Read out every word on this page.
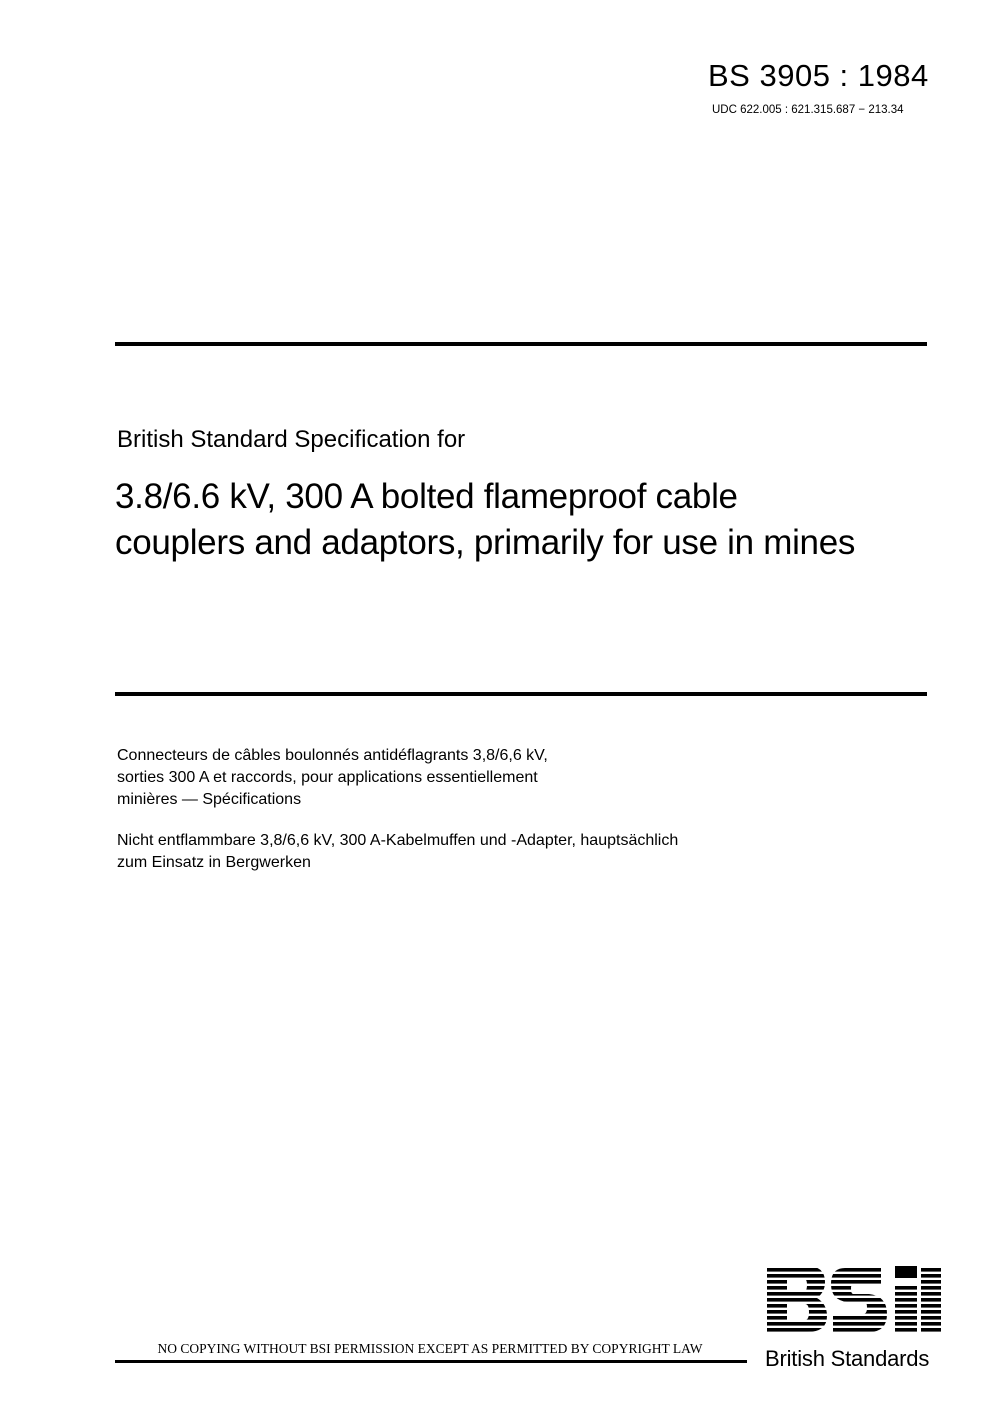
BS 3905 : 1984
UDC 622.005 : 621.315.687 − 213.34
British Standard Specification for
3.8/6.6 kV, 300 A bolted flameproof cable
couplers and adaptors, primarily for use in mines
Connecteurs de câbles boulonnés antidéflagrants 3,8/6,6 kV,
sorties 300 A et raccords, pour applications essentiellement
minières — Spécifications
Nicht entflammbare 3,8/6,6 kV, 300 A-Kabelmuffen und -Adapter, hauptsächlich
zum Einsatz in Bergwerken
NO COPYING WITHOUT BSI PERMISSION EXCEPT AS PERMITTED BY COPYRIGHT LAW	British Standards
